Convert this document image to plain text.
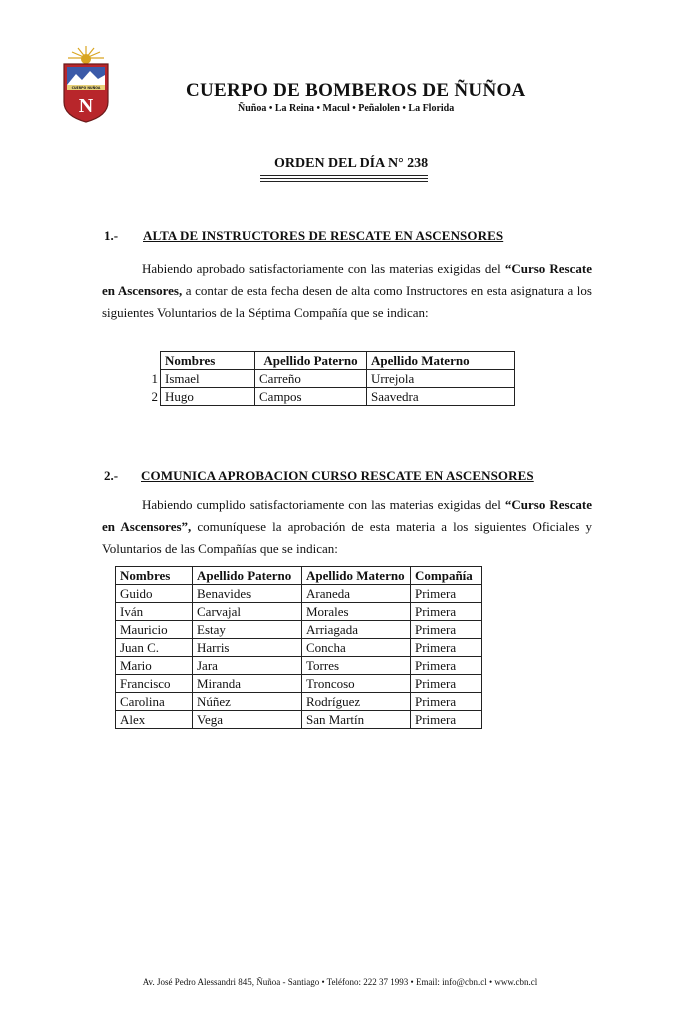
CUERPO NUÑOA
N
CUERPO DE BOMBEROS DE ÑUÑOA
Ñuñoa • La Reina • Macul • Peñalolen • La Florida
ORDEN DEL DÍA N° 238
1.- ALTA DE INSTRUCTORES DE RESCATE EN ASCENSORES
Habiendo aprobado satisfactoriamente con las materias exigidas del “Curso Rescate en Ascensores, a contar de esta fecha desen de alta como Instructores en esta asignatura a los siguientes Voluntarios de la Séptima Compañía que se indican:
	Nombres	Apellido Paterno	Apellido Materno
1	Ismael	Carreño	Urrejola
2	Hugo	Campos	Saavedra
2.- COMUNICA APROBACION CURSO RESCATE EN ASCENSORES
Habiendo cumplido satisfactoriamente con las materias exigidas del “Curso Rescate en Ascensores”, comuníquese la aprobación de esta materia a los siguientes Oficiales y Voluntarios de las Compañías que se indican:
Nombres	Apellido Paterno	Apellido Materno	Compañía
Guido	Benavides	Araneda	Primera
Iván	Carvajal	Morales	Primera
Mauricio	Estay	Arriagada	Primera
Juan C.	Harris	Concha	Primera
Mario	Jara	Torres	Primera
Francisco	Miranda	Troncoso	Primera
Carolina	Núñez	Rodríguez	Primera
Alex	Vega	San Martín	Primera
Av. José Pedro Alessandri 845, Ñuñoa - Santiago • Teléfono: 222 37 1993 • Email: info@cbn.cl • www.cbn.cl
